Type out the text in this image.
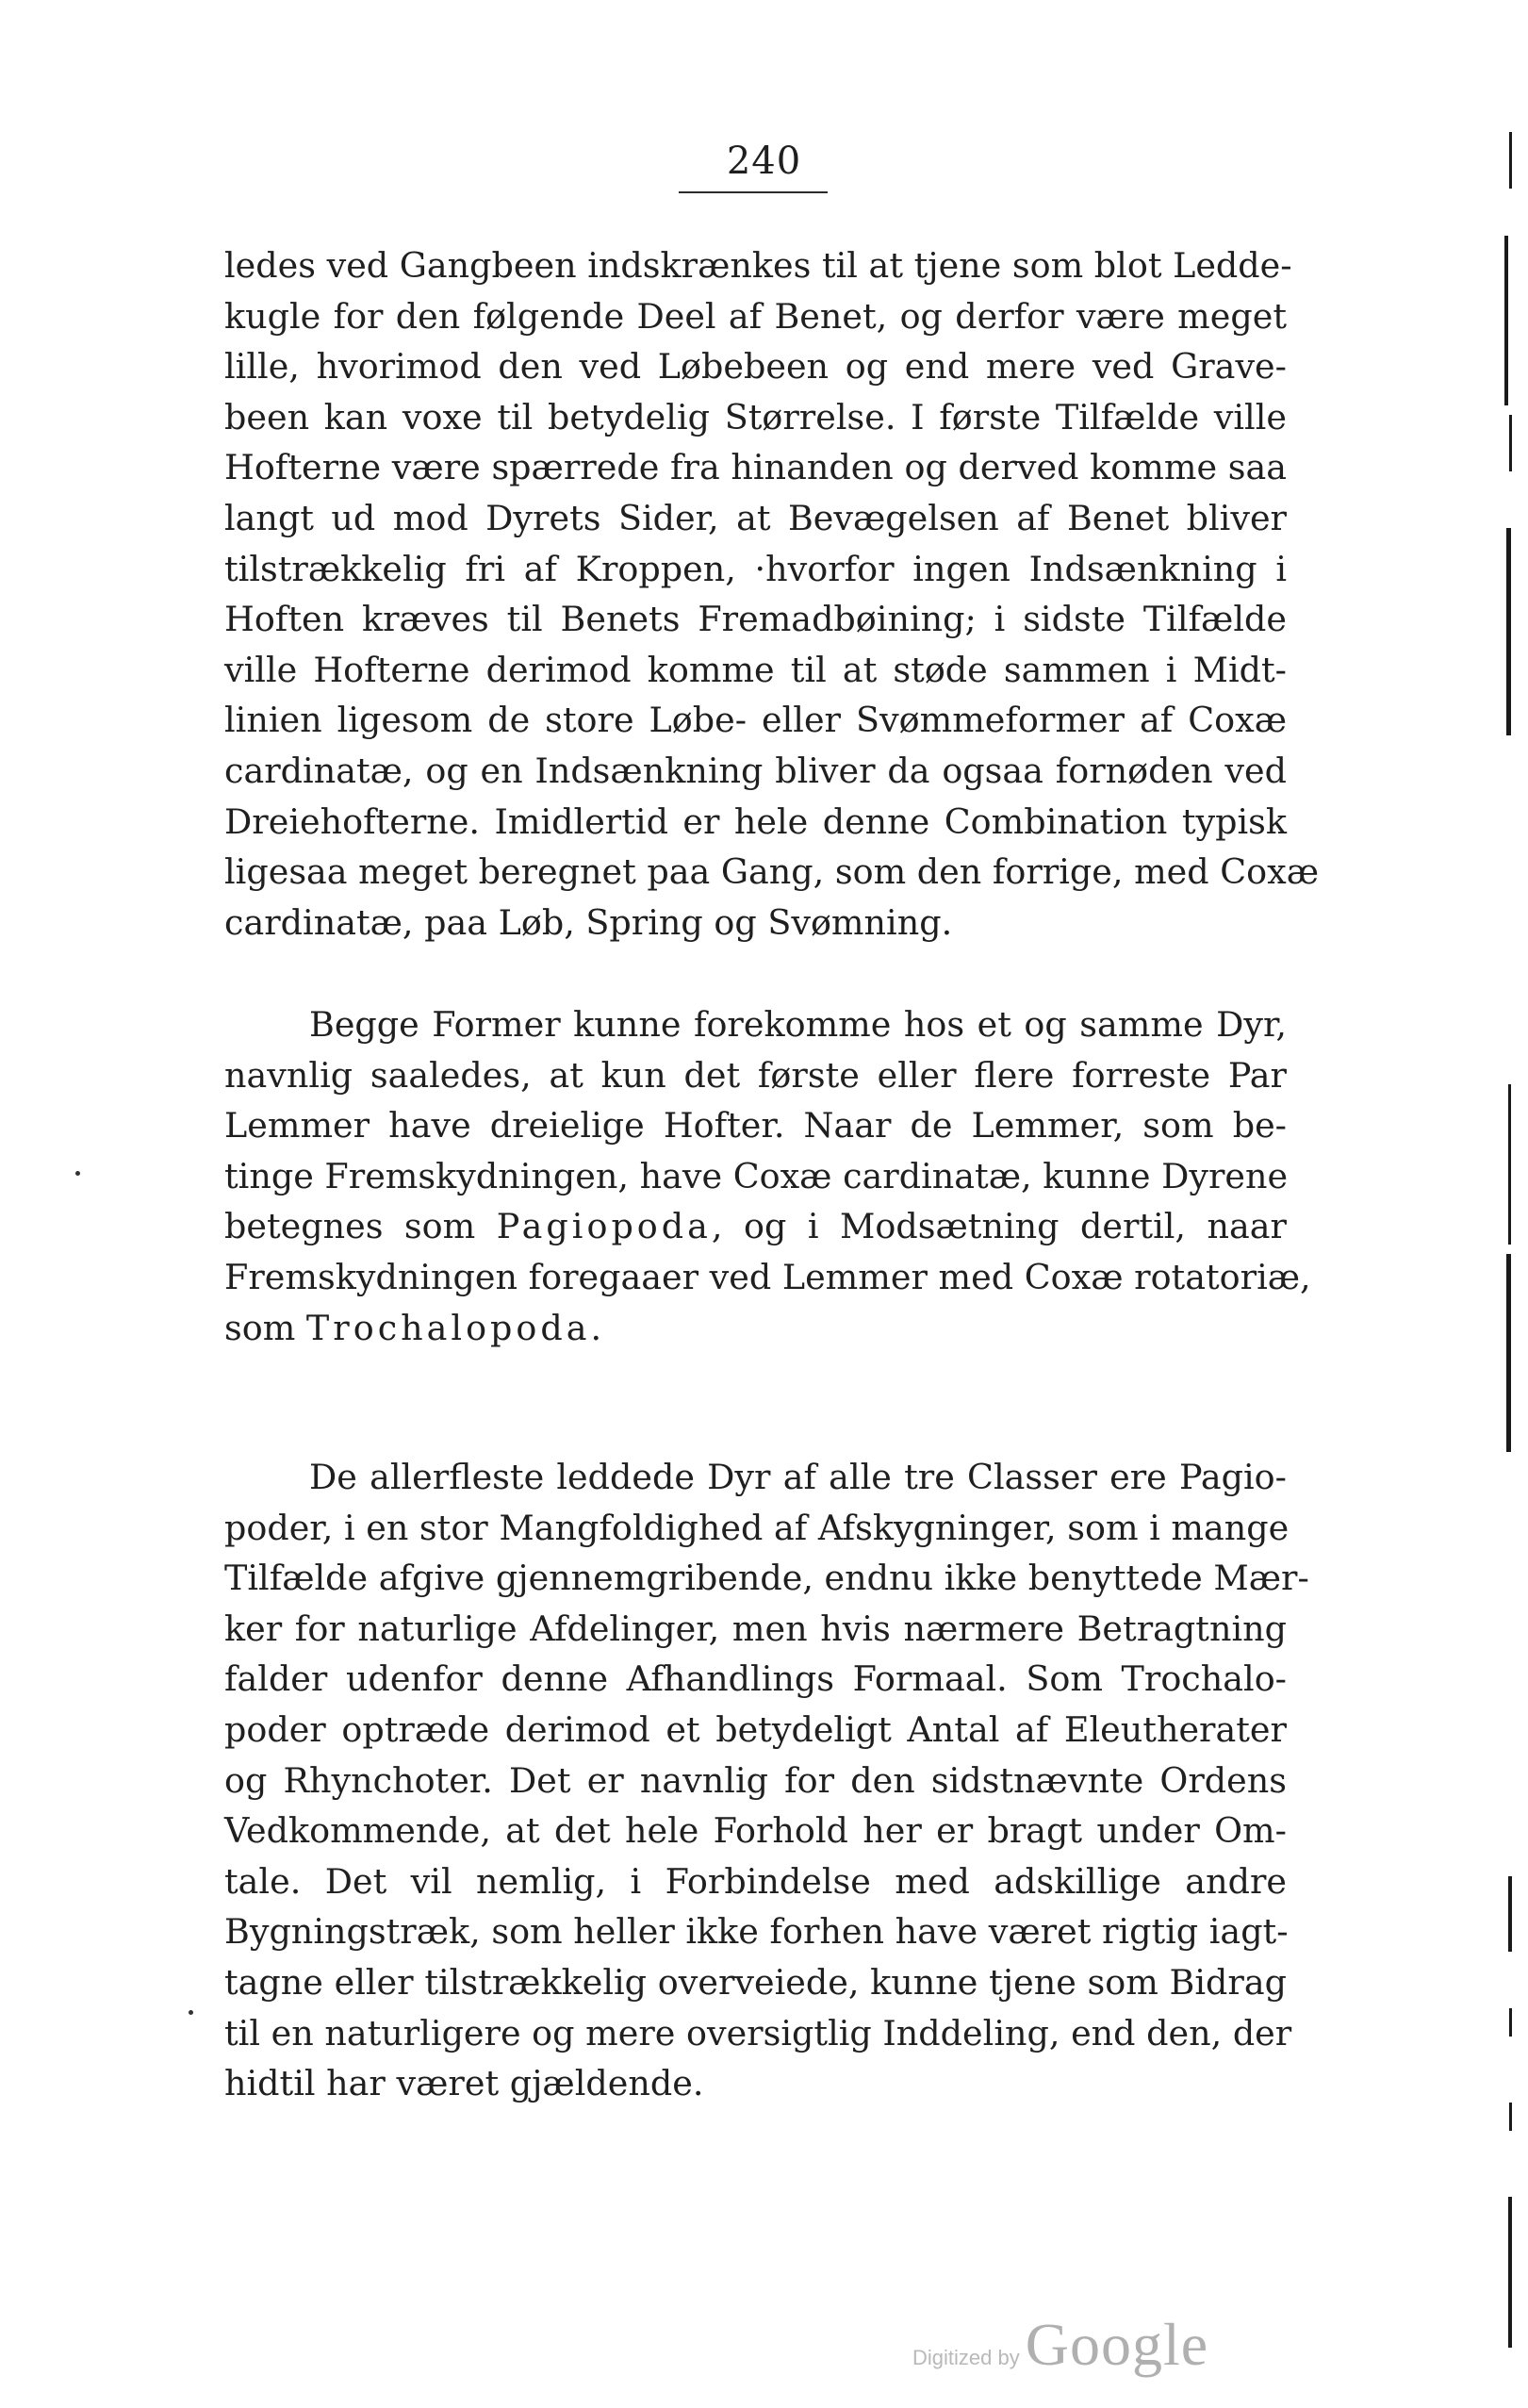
240
ledes ved Gangbeen indskrænkes til at tjene som blot Ledde-
kugle for den følgende Deel af Benet, og derfor være meget
lille, hvorimod den ved Løbebeen og end mere ved Grave-
been kan voxe til betydelig Størrelse. I første Tilfælde ville
Hofterne være spærrede fra hinanden og derved komme saa
langt ud mod Dyrets Sider, at Bevægelsen af Benet bliver
tilstrækkelig fri af Kroppen, ·hvorfor ingen Indsænkning i
Hoften kræves til Benets Fremadbøining; i sidste Tilfælde
ville Hofterne derimod komme til at støde sammen i Midt-
linien ligesom de store Løbe- eller Svømmeformer af Coxæ
cardinatæ, og en Indsænkning bliver da ogsaa fornøden ved
Dreiehofterne. Imidlertid er hele denne Combination typisk
ligesaa meget beregnet paa Gang, som den forrige, med Coxæ
cardinatæ, paa Løb, Spring og Svømning.
Begge Former kunne forekomme hos et og samme Dyr,
navnlig saaledes, at kun det første eller flere forreste Par
Lemmer have dreielige Hofter. Naar de Lemmer, som be-
tinge Fremskydningen, have Coxæ cardinatæ, kunne Dyrene
betegnes som Pagiopoda, og i Modsætning dertil, naar
Fremskydningen foregaaer ved Lemmer med Coxæ rotatoriæ,
som Trochalopoda.
De allerfleste leddede Dyr af alle tre Classer ere Pagio-
poder, i en stor Mangfoldighed af Afskygninger, som i mange
Tilfælde afgive gjennemgribende, endnu ikke benyttede Mær-
ker for naturlige Afdelinger, men hvis nærmere Betragtning
falder udenfor denne Afhandlings Formaal. Som Trochalo-
poder optræde derimod et betydeligt Antal af Eleutherater
og Rhynchoter. Det er navnlig for den sidstnævnte Ordens
Vedkommende, at det hele Forhold her er bragt under Om-
tale. Det vil nemlig, i Forbindelse med adskillige andre
Bygningstræk, som heller ikke forhen have været rigtig iagt-
tagne eller tilstrækkelig overveiede, kunne tjene som Bidrag
til en naturligere og mere oversigtlig Inddeling, end den, der
hidtil har været gjældende.
Digitized byGoogle
